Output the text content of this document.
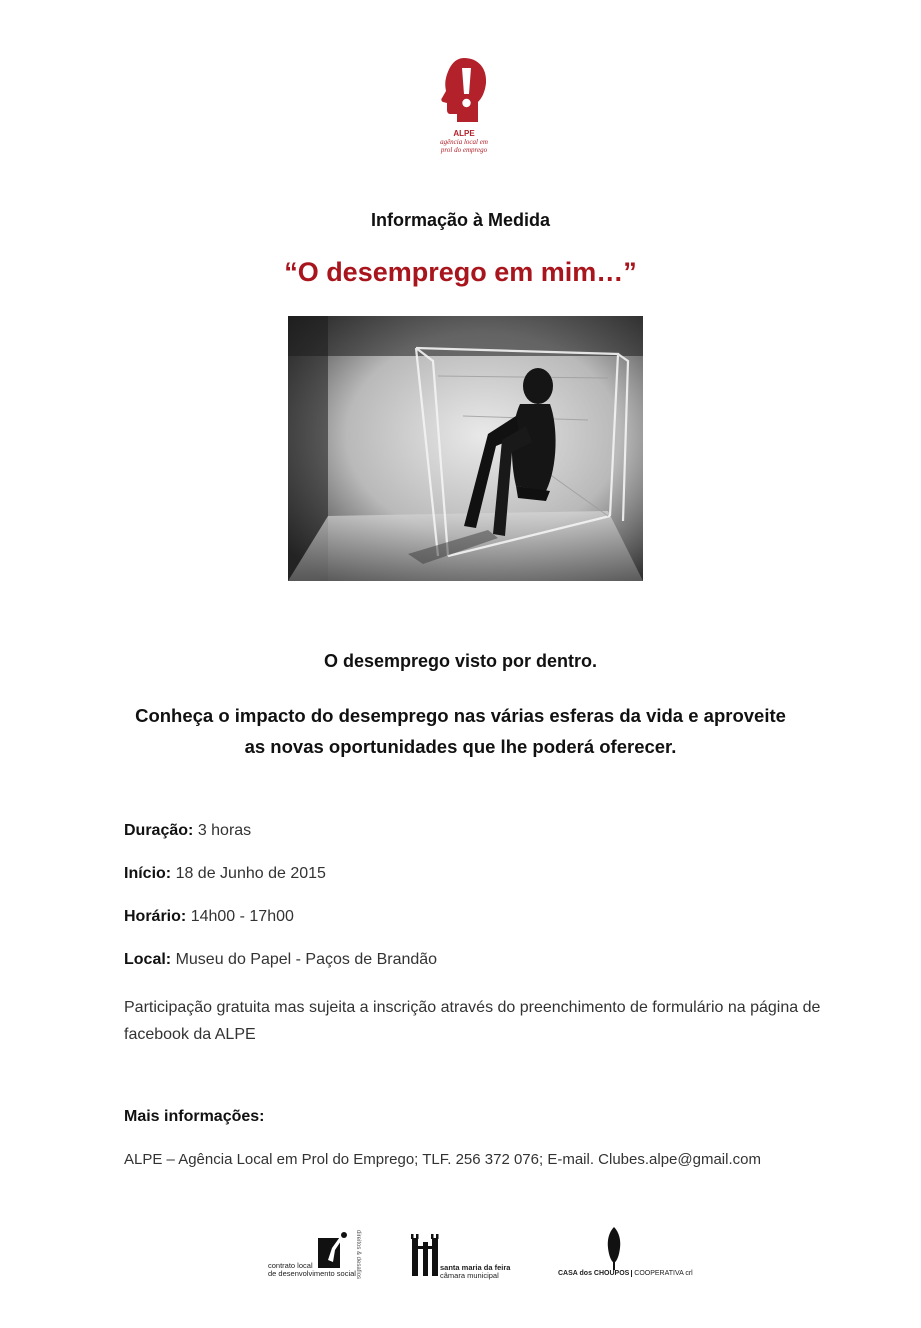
ALPE
agência local em
prol do emprego
Informação à Medida
“O desemprego em mim…”
O desemprego visto por dentro.
Conheça o impacto do desemprego nas várias esferas da vida e aproveite
as novas oportunidades que lhe poderá oferecer.
Duração: 3 horas
Início: 18 de Junho de 2015
Horário: 14h00 - 17h00
Local: Museu do Papel - Paços de Brandão
Participação gratuita mas sujeita a inscrição através do preenchimento de formulário na página de facebook da ALPE
Mais informações:
ALPE – Agência Local em Prol do Emprego; TLF. 256 372 076; E-mail. Clubes.alpe@gmail.com
contrato local
de desenvolvimento social direitos & desafios	santa maria da feira
câmara municipal	CASA dos CHOUPOS COOPERATIVA crl
